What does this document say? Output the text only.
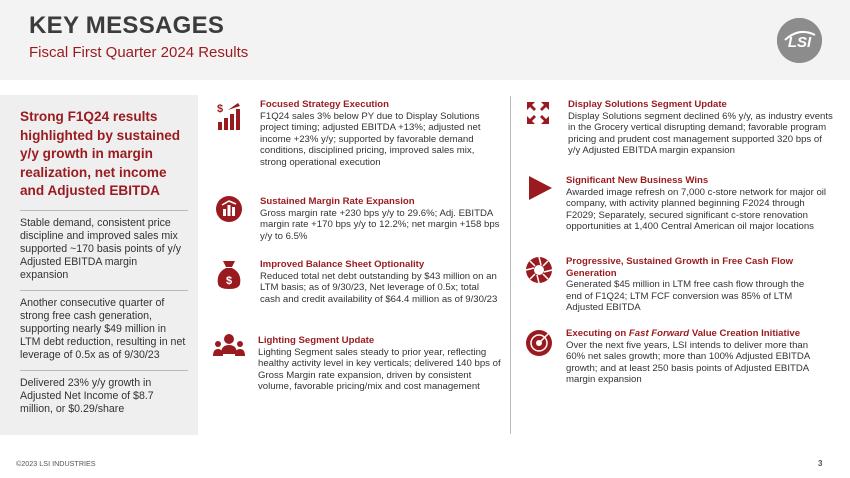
KEY MESSAGES
Fiscal First Quarter 2024 Results
LSI
Strong F1Q24 results highlighted by sustained y/y growth in margin realization, net income and Adjusted EBITDA
Stable demand, consistent price discipline and improved sales mix supported ~170 basis points of y/y Adjusted EBITDA margin expansion
Another consecutive quarter of strong free cash generation, supporting nearly $49 million in LTM debt reduction, resulting in net leverage of 0.5x as of 9/30/23
Delivered 23% y/y growth in Adjusted Net Income of $8.7 million, or $0.29/share
$	Focused Strategy Execution
F1Q24 sales 3% below PY due to Display Solutions project timing; adjusted EBITDA +13%; adjusted net income +23% y/y; supported by favorable demand conditions, disciplined pricing, improved sales mix, strong operational execution
Sustained Margin Rate Expansion
Gross margin rate +230 bps y/y to 29.6%; Adj. EBITDA margin rate +170 bps y/y to 12.2%; net margin +158 bps y/y to 6.5%
$
Improved Balance Sheet Optionality
Reduced total net debt outstanding by $43 million on an LTM basis; as of 9/30/23, Net leverage of 0.5x; total cash and credit availability of $64.4 million as of 9/30/23
Lighting Segment Update
Lighting Segment sales steady to prior year, reflecting healthy activity level in key verticals; delivered 140 bps of Gross Margin rate expansion, driven by consistent volume, favorable pricing/mix and cost management
Display Solutions Segment Update
Display Solutions segment declined 6% y/y, as industry events in the Grocery vertical disrupting demand; favorable program pricing and prudent cost management supported 320 bps of y/y Adjusted EBITDA margin expansion
Significant New Business Wins
Awarded image refresh on 7,000 c-store network for major oil company, with activity planned beginning F2024 through F2029; Separately, secured significant c-store renovation opportunities at 1,400 Central American oil major locations
Progressive, Sustained Growth in Free Cash Flow Generation
Generated $45 million in LTM free cash flow through the end of F1Q24; LTM FCF conversion was 85% of LTM Adjusted EBITDA
Executing on Fast Forward Value Creation Initiative
Over the next five years, LSI intends to deliver more than 60% net sales growth; more than 100% Adjusted EBITDA growth; and at least 250 basis points of Adjusted EBITDA margin expansion
©2023 LSI INDUSTRIES	3
